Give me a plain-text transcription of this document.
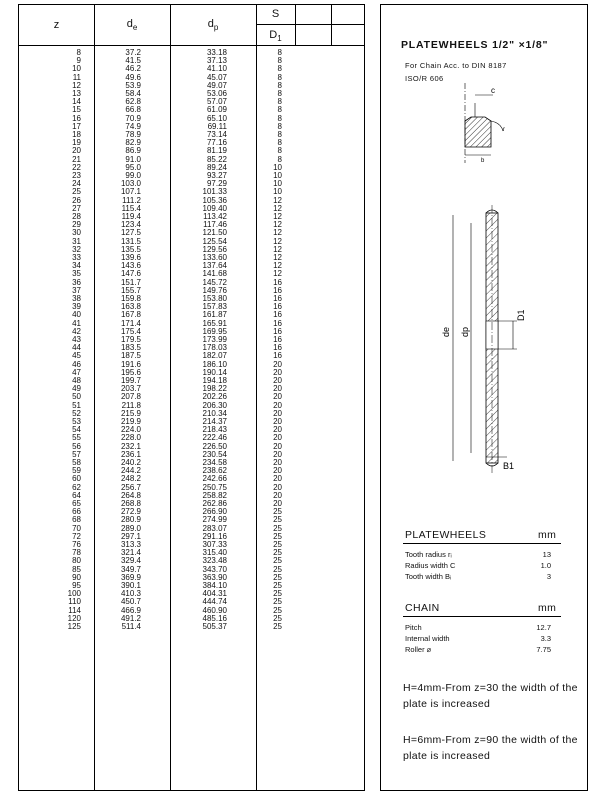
z	$d_e$	$d_p$
S
$D_1$
8	37.2	33.18	8
9	41.5	37.13	8
10	46.2	41.10	8
11	49.6	45.07	8
12	53.9	49.07	8
13	58.4	53.06	8
14	62.8	57.07	8
15	66.8	61.09	8
16	70.9	65.10	8
17	74.9	69.11	8
18	78.9	73.14	8
19	82.9	77.16	8
20	86.9	81.19	8
21	91.0	85.22	8
22	95.0	89.24	10
23	99.0	93.27	10
24	103.0	97.29	10
25	107.1	101.33	10
26	111.2	105.36	12
27	115.4	109.40	12
28	119.4	113.42	12
29	123.4	117.46	12
30	127.5	121.50	12
31	131.5	125.54	12
32	135.5	129.56	12
33	139.6	133.60	12
34	143.6	137.64	12
35	147.6	141.68	12
36	151.7	145.72	16
37	155.7	149.76	16
38	159.8	153.80	16
39	163.8	157.83	16
40	167.8	161.87	16
41	171.4	165.91	16
42	175.4	169.95	16
43	179.5	173.99	16
44	183.5	178.03	16
45	187.5	182.07	16
46	191.6	186.10	20
47	195.6	190.14	20
48	199.7	194.18	20
49	203.7	198.22	20
50	207.8	202.26	20
51	211.8	206.30	20
52	215.9	210.34	20
53	219.9	214.37	20
54	224.0	218.43	20
55	228.0	222.46	20
56	232.1	226.50	20
57	236.1	230.54	20
58	240.2	234.58	20
59	244.2	238.62	20
60	248.2	242.66	20
62	256.7	250.75	20
64	264.8	258.82	20
65	268.8	262.86	20
66	272.9	266.90	25
68	280.9	274.99	25
70	289.0	283.07	25
72	297.1	291.16	25
76	313.3	307.33	25
78	321.4	315.40	25
80	329.4	323.48	25
85	349.7	343.70	25
90	369.9	363.90	25
95	390.1	384.10	25
100	410.3	404.31	25
110	450.7	444.74	25
114	466.9	460.90	25
120	491.2	485.16	25
125	511.4	505.37	25
PLATEWHEELS 1/2" ×1/8"
For Chain Acc. to DIN 8187
ISO/R 606
c
r
b
de dp
D1
B1
PLATEWHEELS	mm
Tooth radius rᵢ	13
Radius width C	1.0
Tooth width Bᵢ	3
CHAIN	mm
Pitch	12.7
Internal width	3.3
Roller ⌀	7.75
H=4mm-From z=30 the width of the plate is increased
H=6mm-From z=90 the width of the plate is increased
